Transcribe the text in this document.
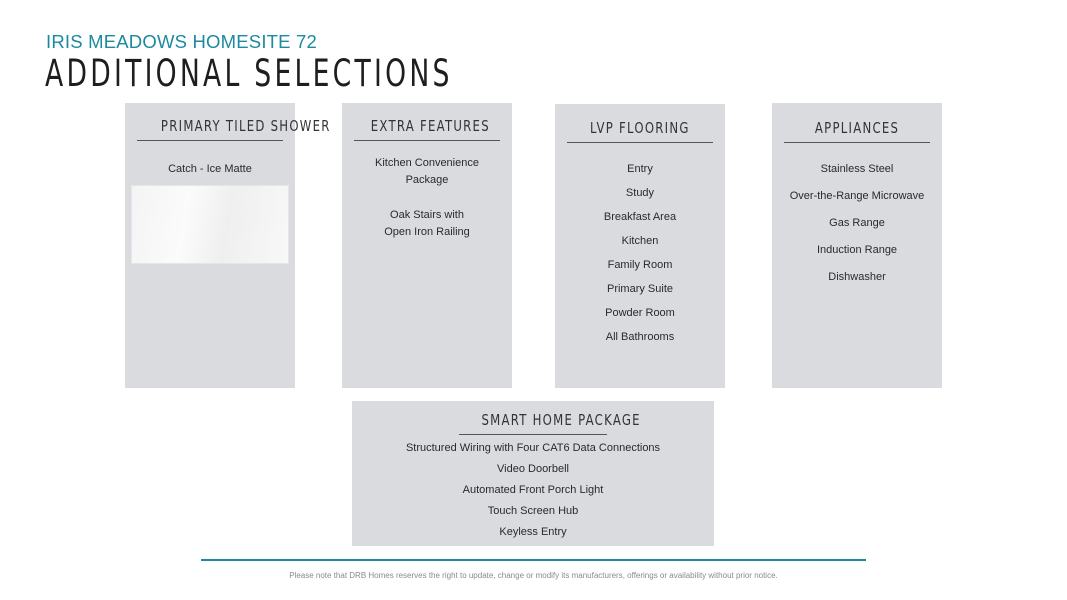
IRIS MEADOWS HOMESITE 72
ADDITIONAL SELECTIONS
PRIMARY TILED SHOWER
Catch - Ice Matte
EXTRA FEATURES
Kitchen Convenience
Package
Oak Stairs with
Open Iron Railing
LVP FLOORING
Entry
Study
Breakfast Area
Kitchen
Family Room
Primary Suite
Powder Room
All Bathrooms
APPLIANCES
Stainless Steel
Over-the-Range Microwave
Gas Range
Induction Range
Dishwasher
SMART HOME PACKAGE
Structured Wiring with Four CAT6 Data Connections
Video Doorbell
Automated Front Porch Light
Touch Screen Hub
Keyless Entry
Please note that DRB Homes reserves the right to update, change or modify its manufacturers, offerings or availability without prior notice.
